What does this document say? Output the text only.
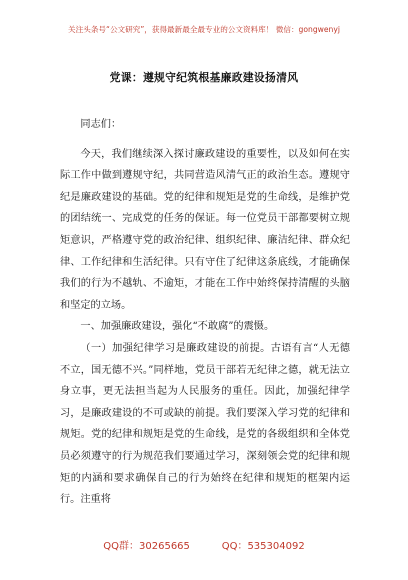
关注头条号“公文研究”，获得最新最全最专业的公文资料库！ 微信：gongwenyj
党课：遵规守纪筑根基廉政建设扬清风

同志们：

今天，我们继续深入探讨廉政建设的重要性，以及如何在实际工作中做到遵规守纪，共同营造风清气正的政治生态。遵规守纪是廉政建设的基础。党的纪律和规矩是党的生命线，是维护党的团结统一、完成党的任务的保证。每一位党员干部都要树立规矩意识，严格遵守党的政治纪律、组织纪律、廉洁纪律、群众纪律、工作纪律和生活纪律。只有守住了纪律这条底线，才能确保我们的行为不越轨、不逾矩，才能在工作中始终保持清醒的头脑和坚定的立场。

一、加强廉政建设，强化“不敢腐”的震慑。

（一）加强纪律学习是廉政建设的前提。古语有言“人无德不立，国无德不兴。”同样地，党员干部若无纪律之德，就无法立身立事，更无法担当起为人民服务的重任。因此，加强纪律学习，是廉政建设的不可或缺的前提。我们要深入学习党的纪律和规矩。党的纪律和规矩是党的生命线，是党的各级组织和全体党员必须遵守的行为规范我们要通过学习，深刻领会党的纪律和规矩的内涵和要求确保自己的行为始终在纪律和规矩的框架内运行。注重将

QQ群：30265665	QQ：535304092
